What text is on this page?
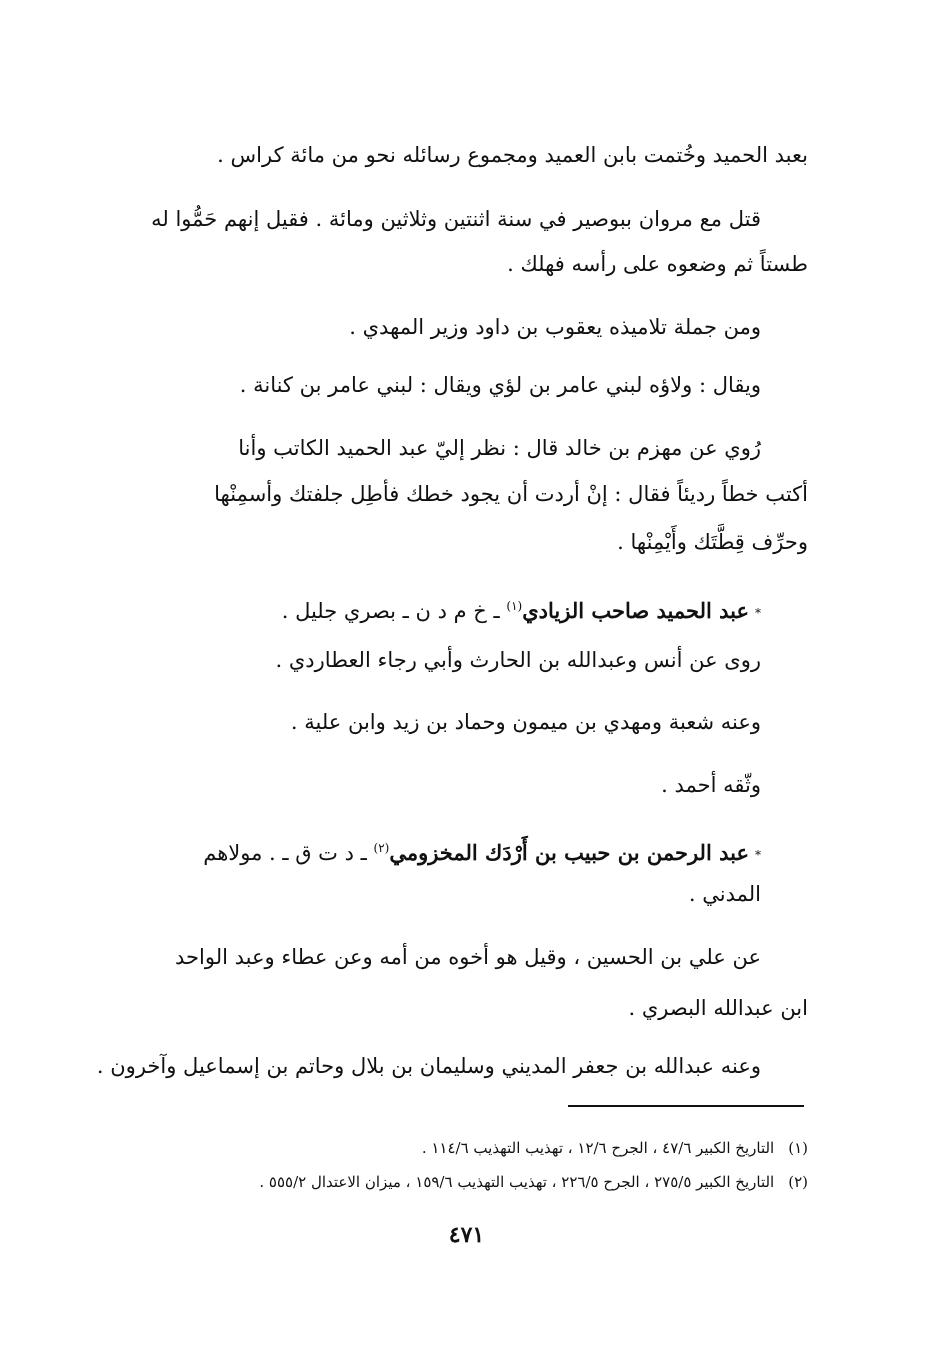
بعبد الحميد وخُتمت بابن العميد ومجموع رسائله نحو من مائة كراس .
قتل مع مروان ببوصير في سنة اثنتين وثلاثين ومائة . فقيل إنهم حَمُّوا له
طستاً ثم وضعوه على رأسه فهلك .
ومن جملة تلاميذه يعقوب بن داود وزير المهدي .
ويقال : ولاؤه لبني عامر بن لؤي ويقال : لبني عامر بن كنانة .
رُوي عن مهزم بن خالد قال : نظر إليّ عبد الحميد الكاتب وأنا
أكتب خطاً رديئاً فقال : إنْ أردت أن يجود خطك فأطِل جلفتك وأسمِنْها
وحرِّف قِطَّتَك وأَيْمِنْها .
*عبد الحميد صاحب الزيادي$^{(١)}$ ـ خ م د ن ـ بصري جليل .
روى عن أنس وعبدالله بن الحارث وأبي رجاء العطاردي .
وعنه شعبة ومهدي بن ميمون وحماد بن زيد وابن علية .
وثّقه أحمد .
*عبد الرحمن بن حبيب بن أَرْدَك المخزومي$^{(٢)}$ ـ د ت ق ـ . مولاهم
المدني .
عن علي بن الحسين ، وقيل هو أخوه من أمه وعن عطاء وعبد الواحد
ابن عبدالله البصري .
وعنه عبدالله بن جعفر المديني وسليمان بن بلال وحاتم بن إسماعيل وآخرون .
(١)التاريخ الكبير ٤٧/٦ ، الجرح ١٢/٦ ، تهذيب التهذيب ١١٤/٦ .
(٢)التاريخ الكبير ٢٧٥/٥ ، الجرح ٢٢٦/٥ ، تهذيب التهذيب ١٥٩/٦ ، ميزان الاعتدال ٥٥٥/٢ .
٤٧١
